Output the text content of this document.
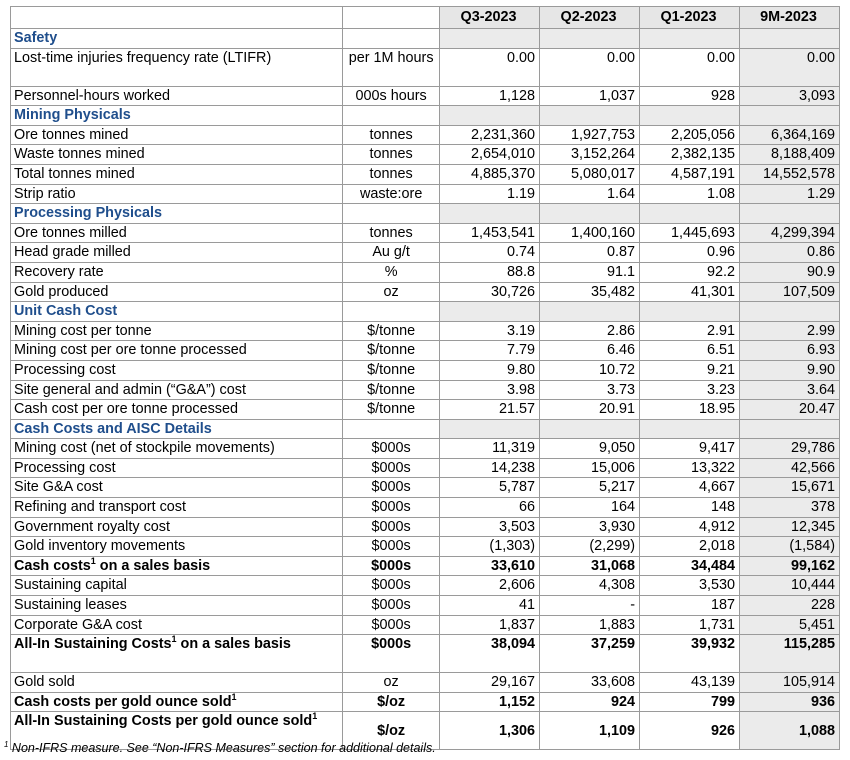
		Q3-2023	Q2-2023	Q1-2023	9M-2023
Safety					
Lost-time injuries frequency rate (LTIFR)	per 1M hours	0.00	0.00	0.00	0.00
Personnel-hours worked	000s hours	1,128	1,037	928	3,093
Mining Physicals					
Ore tonnes mined	tonnes	2,231,360	1,927,753	2,205,056	6,364,169
Waste tonnes mined	tonnes	2,654,010	3,152,264	2,382,135	8,188,409
Total tonnes mined	tonnes	4,885,370	5,080,017	4,587,191	14,552,578
Strip ratio	waste:ore	1.19	1.64	1.08	1.29
Processing Physicals					
Ore tonnes milled	tonnes	1,453,541	1,400,160	1,445,693	4,299,394
Head grade milled	Au g/t	0.74	0.87	0.96	0.86
Recovery rate	%	88.8	91.1	92.2	90.9
Gold produced	oz	30,726	35,482	41,301	107,509
Unit Cash Cost					
Mining cost per tonne	$/tonne	3.19	2.86	2.91	2.99
Mining cost per ore tonne processed	$/tonne	7.79	6.46	6.51	6.93
Processing cost	$/tonne	9.80	10.72	9.21	9.90
Site general and admin (“G&A”) cost	$/tonne	3.98	3.73	3.23	3.64
Cash cost per ore tonne processed	$/tonne	21.57	20.91	18.95	20.47
Cash Costs and AISC Details					
Mining cost (net of stockpile movements)	$000s	11,319	9,050	9,417	29,786
Processing cost	$000s	14,238	15,006	13,322	42,566
Site G&A cost	$000s	5,787	5,217	4,667	15,671
Refining and transport cost	$000s	66	164	148	378
Government royalty cost	$000s	3,503	3,930	4,912	12,345
Gold inventory movements	$000s	(1,303)	(2,299)	2,018	(1,584)
Cash costs$^1$ on a sales basis	$000s	33,610	31,068	34,484	99,162
Sustaining capital	$000s	2,606	4,308	3,530	10,444
Sustaining leases	$000s	41	-	187	228
Corporate G&A cost	$000s	1,837	1,883	1,731	5,451
All-In Sustaining Costs$^1$ on a sales basis	$000s	38,094	37,259	39,932	115,285
Gold sold	oz	29,167	33,608	43,139	105,914
Cash costs per gold ounce sold$^1$	$/oz	1,152	924	799	936
All-In Sustaining Costs per gold ounce sold$^1$	$/oz	1,306	1,109	926	1,088
$^1$ Non-IFRS measure. See “Non-IFRS Measures” section for additional details.
